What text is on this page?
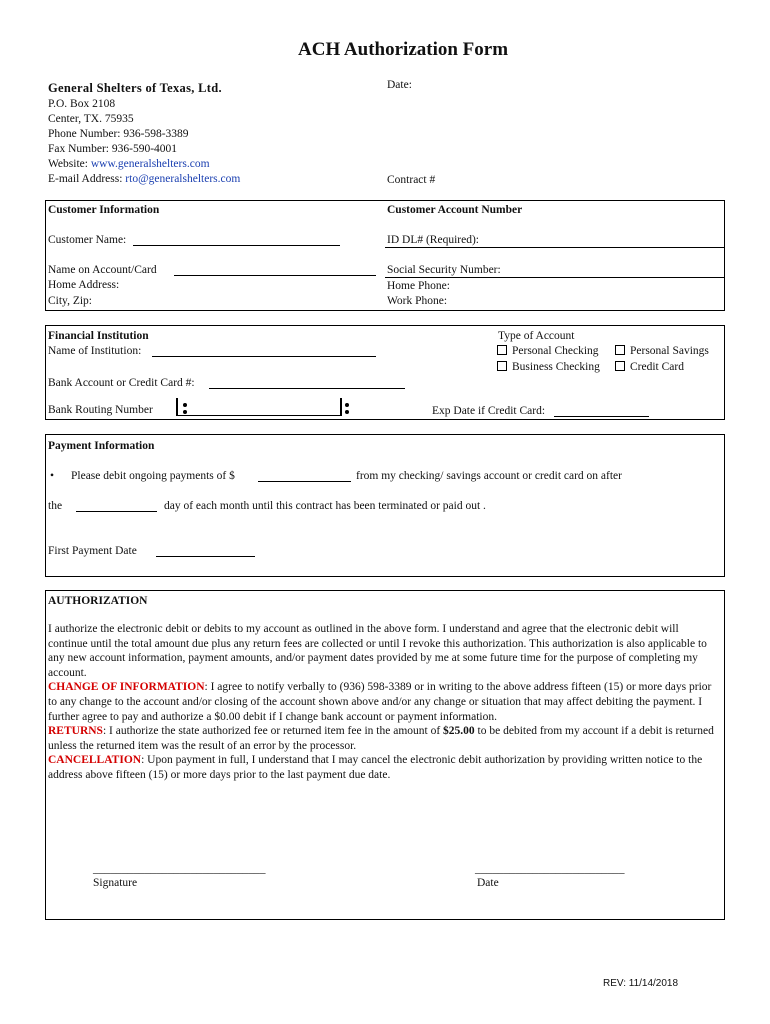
ACH Authorization Form
General Shelters of Texas, Ltd.
P.O. Box 2108
Center, TX. 75935
Phone Number: 936-598-3389
Fax Number: 936-590-4001
Website: www.generalshelters.com
E-mail Address: rto@generalshelters.com
Date:
Contract #
Customer Information	Customer Account Number
Customer Name:	ID DL# (Required):
Name on Account/Card	Social Security Number:
Home Address:	Home Phone:
City, Zip:	Work Phone:
Financial Institution
Name of Institution:
Type of Account
Personal Checking	Personal Savings
Business Checking	Credit Card
Bank Account or Credit Card #:
Bank Routing Number	Exp Date if Credit Card:
Payment Information
• Please debit ongoing payments of $	from my checking/ savings account or credit card on after
the	day of each month until this contract has been terminated or paid out .
First Payment Date
AUTHORIZATION
I authorize the electronic debit or debits to my account as outlined in the above form. I understand and agree that the electronic debit will continue until the total amount due plus any return fees are collected or until I revoke this authorization. This authorization is also applicable to any new account information, payment amounts, and/or payment dates provided by me at some future time for the purpose of completing my account.
CHANGE OF INFORMATION: I agree to notify verbally to (936) 598-3389 or in writing to the above address fifteen (15) or more days prior to any change to the account and/or closing of the account shown above and/or any change or situation that may affect debiting the payment. I further agree to pay and authorize a $0.00 debit if I change bank account or payment information.
RETURNS: I authorize the state authorized fee or returned item fee in the amount of $25.00 to be debited from my account if a debit is returned unless the returned item was the result of an error by the processor.
CANCELLATION: Upon payment in full, I understand that I may cancel the electronic debit authorization by providing written notice to the address above fifteen (15) or more days prior to the last payment due date.
______________________________
Signature
__________________________
Date
REV: 11/14/2018
